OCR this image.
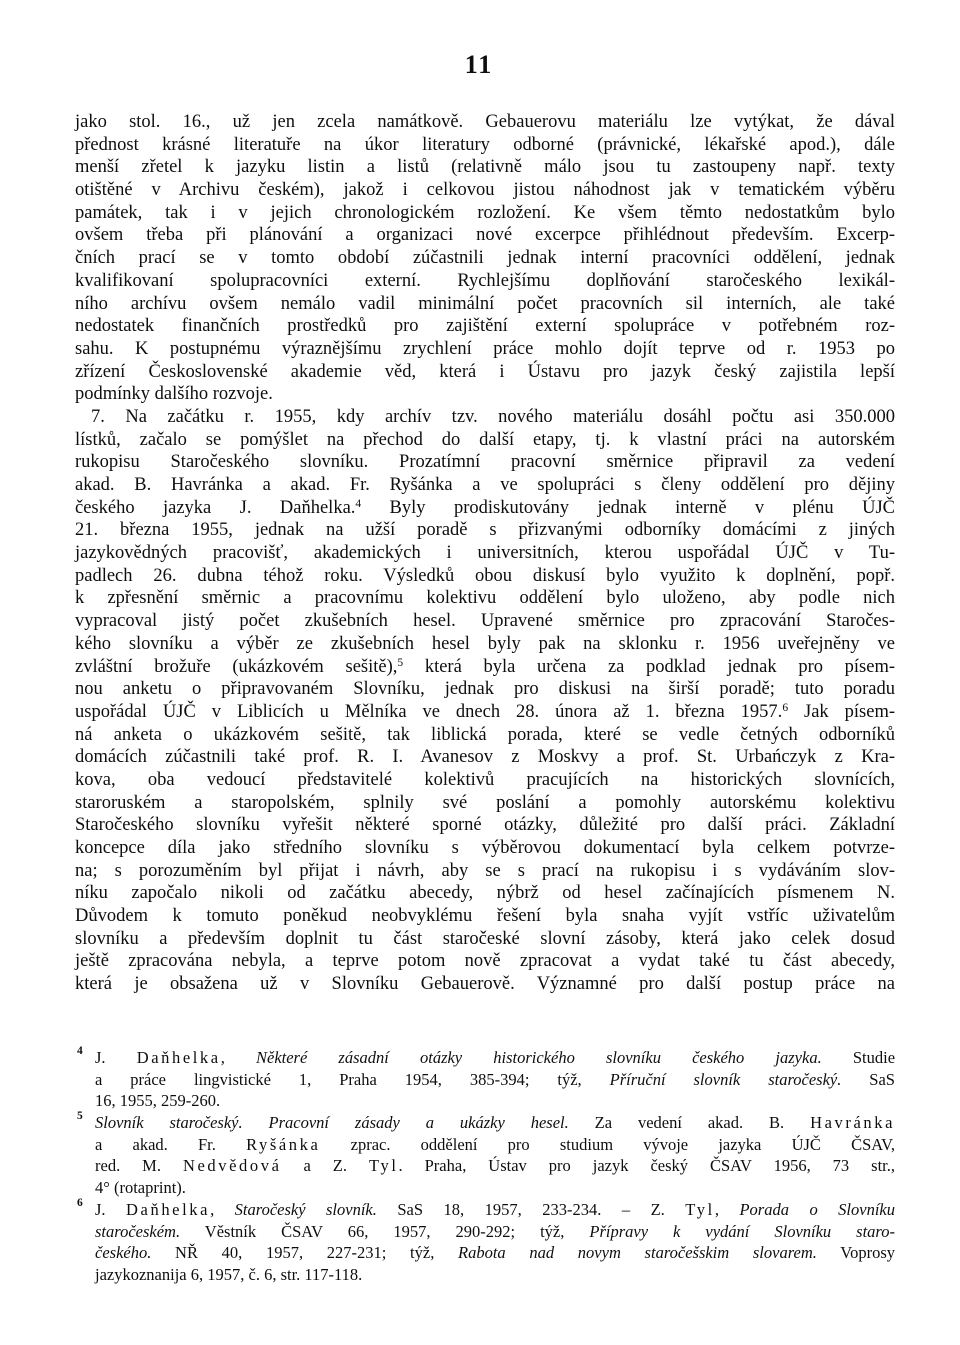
11
jako stol. 16., už jen zcela namátkově. Gebauerovu materiálu lze vytýkat, že dával
přednost krásné literatuře na úkor literatury odborné (právnické, lékařské apod.), dále
menší zřetel k jazyku listin a listů (relativně málo jsou tu zastoupeny např. texty
otištěné v Archivu českém), jakož i celkovou jistou náhodnost jak v tematickém výběru
památek, tak i v jejich chronologickém rozložení. Ke všem těmto nedostatkům bylo
ovšem třeba při plánování a organizaci nové excerpce přihlédnout především. Excerp-
čních prací se v tomto období zúčastnili jednak interní pracovníci oddělení, jednak
kvalifikovaní spolupracovníci externí. Rychlejšímu doplňování staročeského lexikál-
ního archívu ovšem nemálo vadil minimální počet pracovních sil interních, ale také
nedostatek finančních prostředků pro zajištění externí spolupráce v potřebném roz-
sahu. K postupnému výraznějšímu zrychlení práce mohlo dojít teprve od r. 1953 po
zřízení Československé akademie věd, která i Ústavu pro jazyk český zajistila lepší
podmínky dalšího rozvoje.
7. Na začátku r. 1955, kdy archív tzv. nového materiálu dosáhl počtu asi 350.000
lístků, začalo se pomýšlet na přechod do další etapy, tj. k vlastní práci na autorském
rukopisu Staročeského slovníku. Prozatímní pracovní směrnice připravil za vedení
akad. B. Havránka a akad. Fr. Ryšánka a ve spolupráci s členy oddělení pro dějiny
českého jazyka J. Daňhelka.$^4$ Byly prodiskutovány jednak interně v plénu ÚJČ
21. března 1955, jednak na užší poradě s přizvanými odborníky domácími z jiných
jazykovědných pracovišť, akademických i universitních, kterou uspořádal ÚJČ v Tu-
padlech 26. dubna téhož roku. Výsledků obou diskusí bylo využito k doplnění, popř.
k zpřesnění směrnic a pracovnímu kolektivu oddělení bylo uloženo, aby podle nich
vypracoval jistý počet zkušebních hesel. Upravené směrnice pro zpracování Staročes-
kého slovníku a výběr ze zkušebních hesel byly pak na sklonku r. 1956 uveřejněny ve
zvláštní brožuře (ukázkovém sešitě),$^5$ která byla určena za podklad jednak pro písem-
nou anketu o připravovaném Slovníku, jednak pro diskusi na širší poradě; tuto poradu
uspořádal ÚJČ v Liblicích u Mělníka ve dnech 28. února až 1. března 1957.$^6$ Jak písem-
ná anketa o ukázkovém sešitě, tak liblická porada, které se vedle četných odborníků
domácích zúčastnili také prof. R. I. Avanesov z Moskvy a prof. St. Urbańczyk z Kra-
kova, oba vedoucí představitelé kolektivů pracujících na historických slovnících,
staroruském a staropolském, splnily své poslání a pomohly autorskému kolektivu
Staročeského slovníku vyřešit některé sporné otázky, důležité pro další práci. Základní
koncepce díla jako středního slovníku s výběrovou dokumentací byla celkem potvrze-
na; s porozuměním byl přijat i návrh, aby se s prací na rukopisu i s vydáváním slov-
níku započalo nikoli od začátku abecedy, nýbrž od hesel začínajících písmenem N.
Důvodem k tomuto poněkud neobvyklému řešení byla snaha vyjít vstříc uživatelům
slovníku a především doplnit tu část staročeské slovní zásoby, která jako celek dosud
ještě zpracována nebyla, a teprve potom nově zpracovat a vydat také tu část abecedy,
která je obsažena už v Slovníku Gebauerově. Významné pro další postup práce na
4 J. Daňhelka, Některé zásadní otázky historického slovníku českého jazyka. Studie
a práce lingvistické 1, Praha 1954, 385-394; týž, Příruční slovník staročeský. SaS
16, 1955, 259-260.
5 Slovník staročeský. Pracovní zásady a ukázky hesel. Za vedení akad. B. Havránka
a akad. Fr. Ryšánka zprac. oddělení pro studium vývoje jazyka ÚJČ ČSAV,
red. M. Nedvědová a Z. Tyl. Praha, Ústav pro jazyk český ČSAV 1956, 73 str.,
4° (rotaprint).
6 J. Daňhelka, Staročeský slovník. SaS 18, 1957, 233-234. – Z. Tyl, Porada o Slovníku
staročeském. Věstník ČSAV 66, 1957, 290-292; týž, Přípravy k vydání Slovníku staro-
českého. NŘ 40, 1957, 227-231; týž, Rabota nad novym staročešskim slovarem. Voprosy
jazykoznanija 6, 1957, č. 6, str. 117-118.
